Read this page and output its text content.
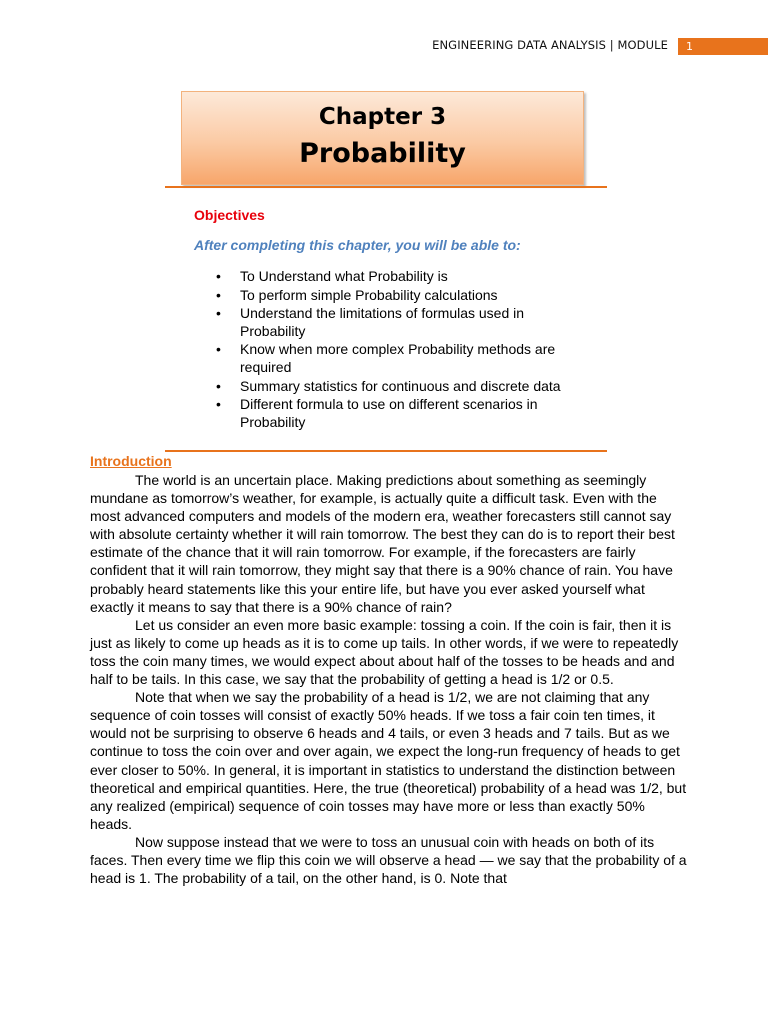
ENGINEERING DATA ANALYSIS | MODULE	1
Chapter 3
Probability
Objectives
After completing this chapter, you will be able to:
• To Understand what Probability is
• To perform simple Probability calculations
• Understand the limitations of formulas used in Probability
• Know when more complex Probability methods are required
• Summary statistics for continuous and discrete data
• Different formula to use on different scenarios in Probability
Introduction

The world is an uncertain place. Making predictions about something as seemingly mundane as tomorrow’s weather, for example, is actually quite a difficult task. Even with the most advanced computers and models of the modern era, weather forecasters still cannot say with absolute certainty whether it will rain tomorrow. The best they can do is to report their best estimate of the chance that it will rain tomorrow. For example, if the forecasters are fairly confident that it will rain tomorrow, they might say that there is a 90% chance of rain. You have probably heard statements like this your entire life, but have you ever asked yourself what exactly it means to say that there is a 90% chance of rain?

Let us consider an even more basic example: tossing a coin. If the coin is fair, then it is just as likely to come up heads as it is to come up tails. In other words, if we were to repeatedly toss the coin many times, we would expect about about half of the tosses to be heads and and half to be tails. In this case, we say that the probability of getting a head is 1/2 or 0.5.

Note that when we say the probability of a head is 1/2, we are not claiming that any sequence of coin tosses will consist of exactly 50% heads. If we toss a fair coin ten times, it would not be surprising to observe 6 heads and 4 tails, or even 3 heads and 7 tails. But as we continue to toss the coin over and over again, we expect the long-run frequency of heads to get ever closer to 50%. In general, it is important in statistics to understand the distinction between theoretical and empirical quantities. Here, the true (theoretical) probability of a head was 1/2, but any realized (empirical) sequence of coin tosses may have more or less than exactly 50% heads.

Now suppose instead that we were to toss an unusual coin with heads on both of its faces. Then every time we flip this coin we will observe a head — we say that the probability of a head is 1. The probability of a tail, on the other hand, is 0. Note that
